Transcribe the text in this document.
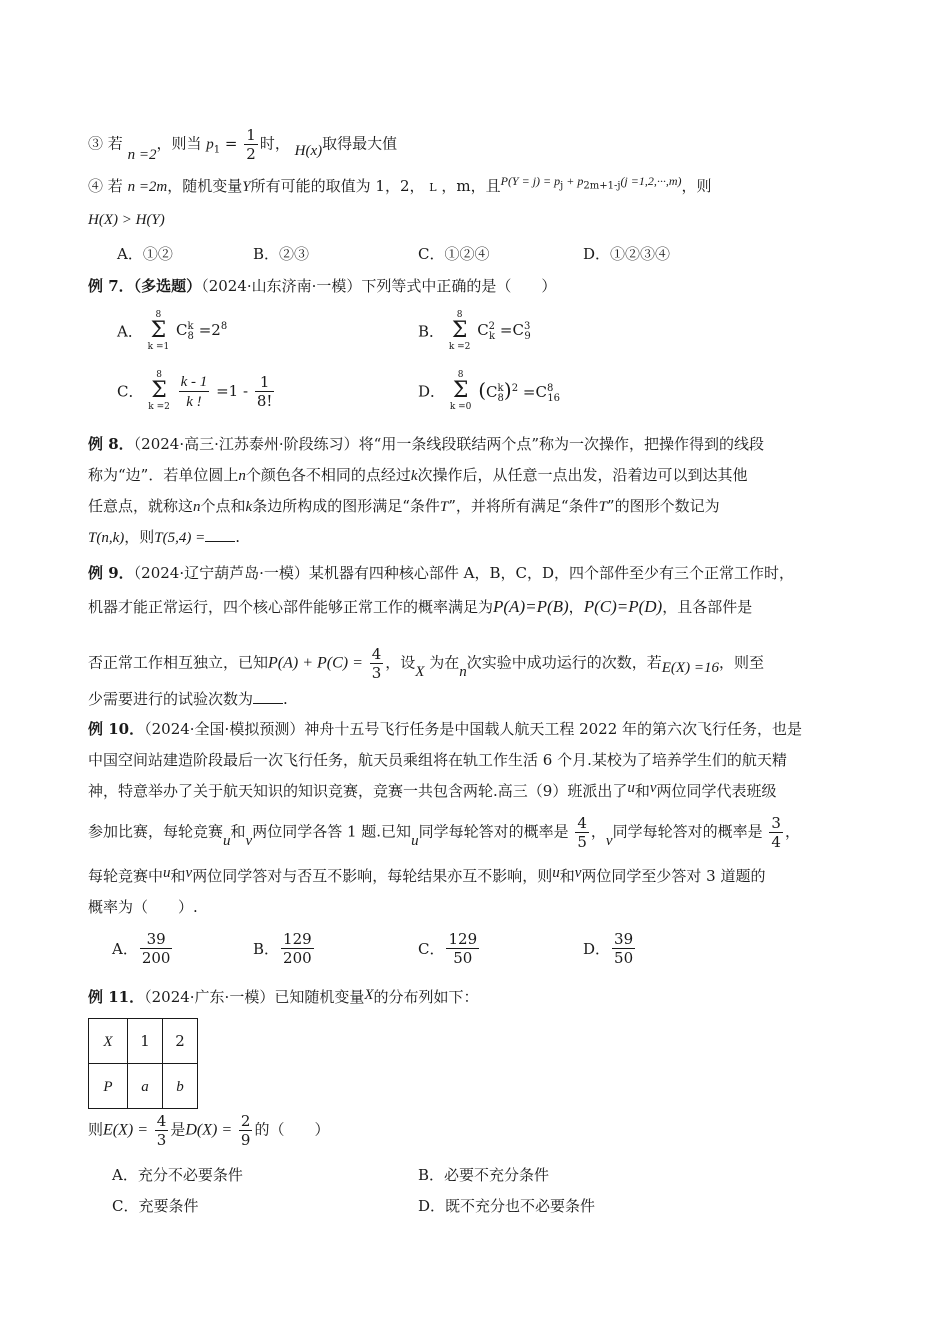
③ 若 n =2，则当 $p_1 = \frac{1}{2}$ 时， H(x)取得最大值
④ 若 n =2m，随机变量Y所有可能的取值为 1，2， L ，m，且$^{P(Y = j) = p_j + p_{2m+1-j}(j =1,2,\cdot\cdot\cdot,m)}$，则
H(X) > H(Y)
A．①②	B．②③	C．①②④	D．①②③④
例 7．（多选题）（2024·山东济南·一模）下列等式中正确的是（　　）
A．
8
Σ
k =1
$C^k_8 =2^8$	B．
8
Σ
k =2
$C^2_k =C^3_9$
C．
8
Σ
k =2
$\frac{k - 1}{k !} =1 - \frac{1}{8!}$	D．
8
Σ
k =0
$(C^k_8)^2 =C^8_{16}$
例 8．（2024·高三·江苏泰州·阶段练习）将“用一条线段联结两个点”称为一次操作，把操作得到的线段
称为“边”．若单位圆上n个颜色各不相同的点经过k次操作后，从任意一点出发，沿着边可以到达其他
任意点，就称这n个点和k条边所构成的图形满足“条件T”，并将所有满足“条件T”的图形个数记为
T(n,k)，则T(5,4) = .
例 9．（2024·辽宁葫芦岛·一模）某机器有四种核心部件 A，B，C，D，四个部件至少有三个正常工作时，
机器才能正常运行，四个核心部件能够正常工作的概率满足为P(A)=P(B)，P(C)=P(D)，且各部件是
否正常工作相互独立，已知$P(A) + P(C) = \frac{4}{3}$ ，设X 为在n次实验中成功运行的次数，若E(X) =16，则至
少需要进行的试验次数为 .
例 10．（2024·全国·模拟预测）神舟十五号飞行任务是中国载人航天工程 2022 年的第六次飞行任务，也是
中国空间站建造阶段最后一次飞行任务，航天员乘组将在轨工作生活 6 个月.某校为了培养学生们的航天精
神，特意举办了关于航天知识的知识竞赛，竞赛一共包含两轮.高三（9）班派出了u和v两位同学代表班级
参加比赛，每轮竞赛u和v两位同学各答 1 题.已知u同学每轮答对的概率是 $\frac{4}{5}$ ，v同学每轮答对的概率是 $\frac{3}{4}$ ，
每轮竞赛中u和v两位同学答对与否互不影响，每轮结果亦互不影响，则u和v两位同学至少答对 3 道题的
概率为（　　）.
A． $\frac{39}{200}$	B． $\frac{129}{200}$	C． $\frac{129}{50}$	D． $\frac{39}{50}$
例 11．（2024·广东·一模）已知随机变量X的分布列如下：
X	1	2
P	a	b
则$E(X) = \frac{4}{3}$ 是$D(X) = \frac{2}{9}$ 的（　　）
A．充分不必要条件	B．必要不充分条件
C．充要条件	D．既不充分也不必要条件
